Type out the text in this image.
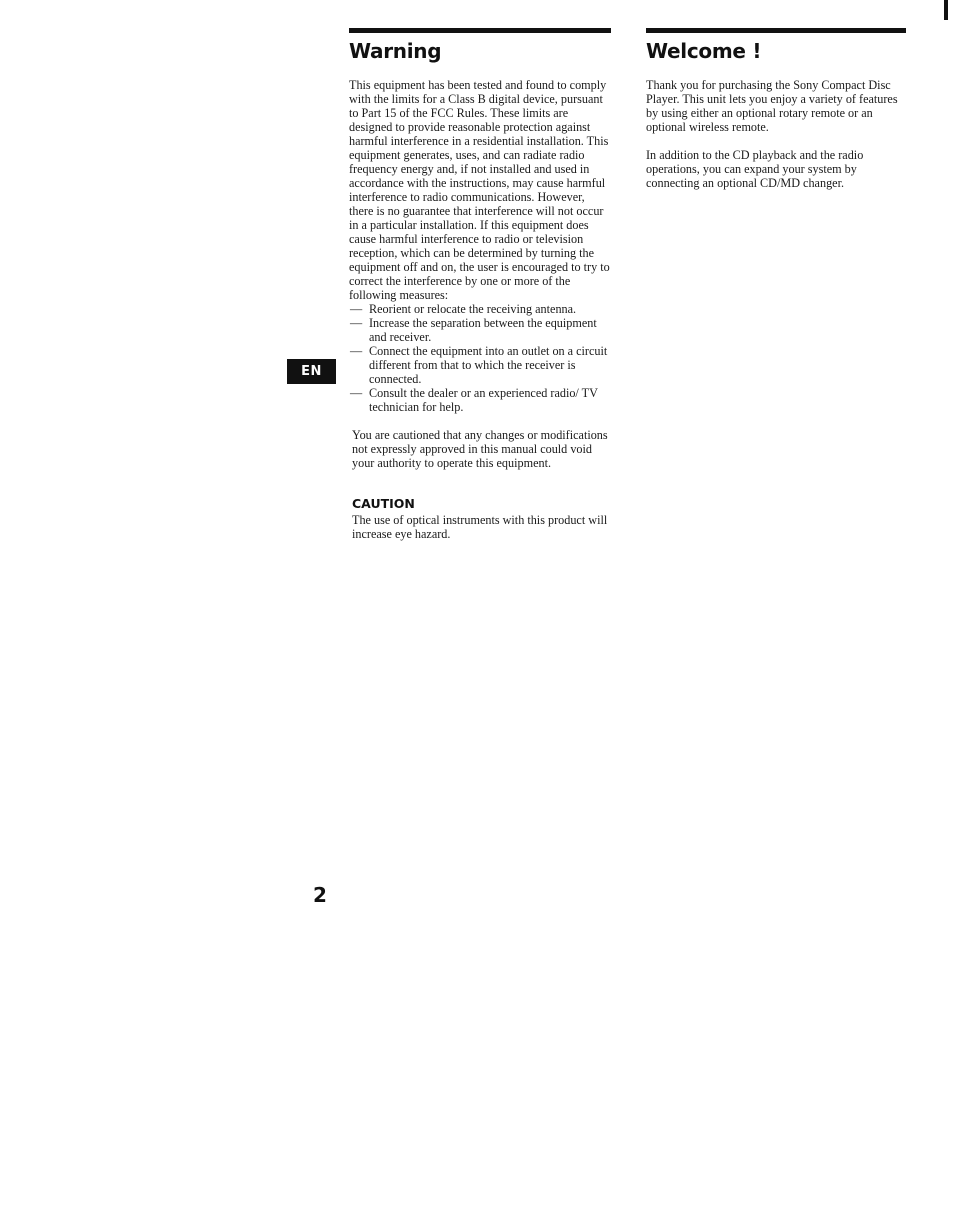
Warning

This equipment has been tested and found to comply with the limits for a Class B digital device, pursuant to Part 15 of the FCC Rules. These limits are designed to provide reasonable protection against harmful interference in a residential installation. This equipment generates, uses, and can radiate radio frequency energy and, if not installed and used in accordance with the instructions, may cause harmful interference to radio communications. However, there is no guarantee that interference will not occur in a particular installation. If this equipment does cause harmful interference to radio or television reception, which can be determined by turning the equipment off and on, the user is encouraged to try to correct the interference by one or more of the following measures:

— Reorient or relocate the receiving antenna.
— Increase the separation between the equipment and receiver.
— Connect the equipment into an outlet on a circuit different from that to which the receiver is connected.
— Consult the dealer or an experienced radio/ TV technician for help.

You are cautioned that any changes or modifications not expressly approved in this manual could void your authority to operate this equipment.

CAUTION

The use of optical instruments with this product will increase eye hazard.

Welcome !

Thank you for purchasing the Sony Compact Disc Player. This unit lets you enjoy a variety of features by using either an optional rotary remote or an optional wireless remote.

In addition to the CD playback and the radio operations, you can expand your system by connecting an optional CD/MD changer.

EN
2
